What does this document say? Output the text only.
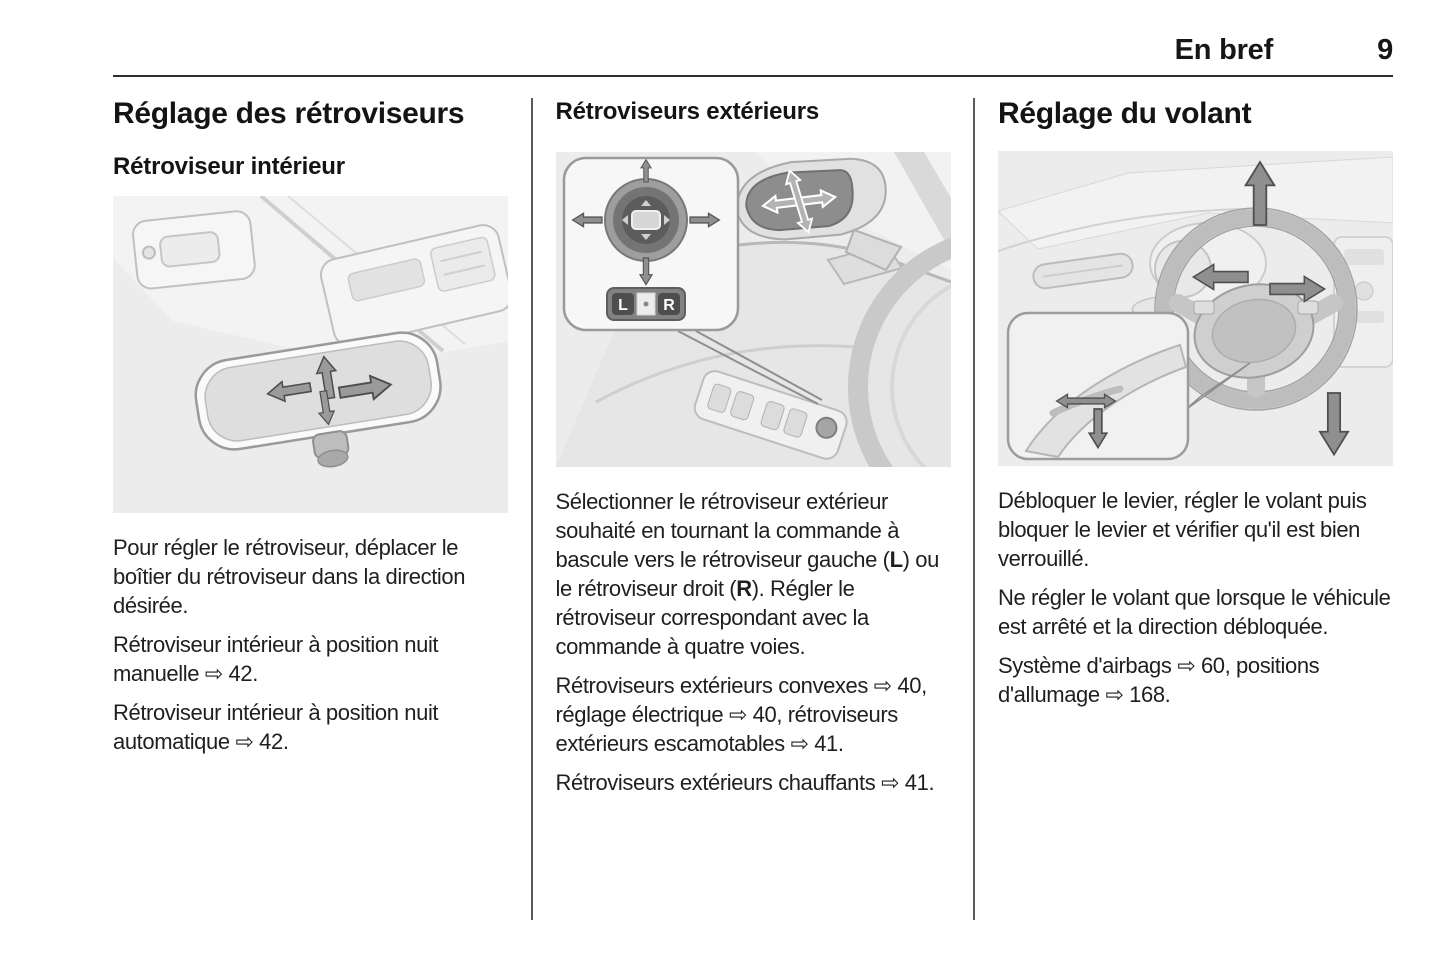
En bref	9
Réglage des rétroviseurs
Rétroviseur intérieur

Pour régler le rétroviseur, déplacer le boîtier du rétroviseur dans la direction désirée.

Rétroviseur intérieur à position nuit manuelle ⇨ 42.

Rétroviseur intérieur à position nuit automatique ⇨ 42.

Rétroviseurs extérieurs
L R

Sélectionner le rétroviseur extérieur souhaité en tournant la commande à bascule vers le rétroviseur gauche (L) ou le rétroviseur droit (R). Régler le rétroviseur correspondant avec la commande à quatre voies.

Rétroviseurs extérieurs convexes ⇨ 40, réglage électrique ⇨ 40, rétroviseurs extérieurs escamotables ⇨ 41.

Rétroviseurs extérieurs chauffants ⇨ 41.

Réglage du volant

Débloquer le levier, régler le volant puis bloquer le levier et vérifier qu'il est bien verrouillé.

Ne régler le volant que lorsque le véhicule est arrêté et la direction débloquée.

Système d'airbags ⇨ 60, positions d'allumage ⇨ 168.
